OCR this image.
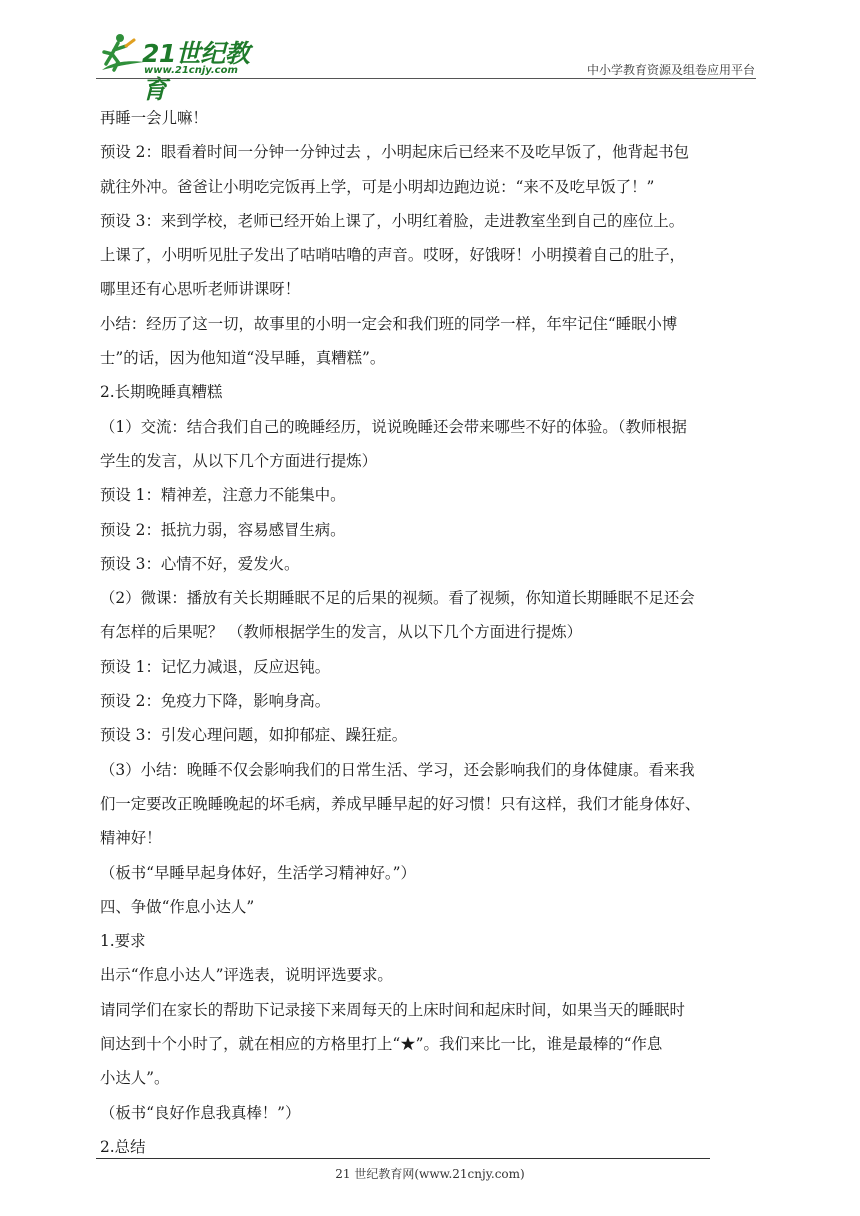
21世纪教育
www.21cnjy.com	中小学教育资源及组卷应用平台
再睡一会儿嘛！
预设 2：眼看着时间一分钟一分钟过去 ，小明起床后已经来不及吃早饭了，他背起书包
就往外冲。爸爸让小明吃完饭再上学，可是小明却边跑边说：“来不及吃早饭了！”
预设 3：来到学校，老师已经开始上课了，小明红着脸，走进教室坐到自己的座位上。
上课了，小明听见肚子发出了咕哨咕噜的声音。哎呀，好饿呀！小明摸着自己的肚子，
哪里还有心思听老师讲课呀！
小结：经历了这一切，故事里的小明一定会和我们班的同学一样，年牢记住“睡眠小博
士”的话，因为他知道“没早睡，真糟糕”。
2.长期晚睡真糟糕
（1）交流：结合我们自己的晚睡经历，说说晚睡还会带来哪些不好的体验。（教师根据
学生的发言，从以下几个方面进行提炼）
预设 1：精神差，注意力不能集中。
预设 2：抵抗力弱，容易感冒生病。
预设 3：心情不好，爱发火。
（2）微课：播放有关长期睡眠不足的后果的视频。看了视频，你知道长期睡眠不足还会
有怎样的后果呢？ （教师根据学生的发言，从以下几个方面进行提炼）
预设 1：记忆力减退，反应迟钝。
预设 2：免疫力下降，影响身高。
预设 3：引发心理问题，如抑郁症、躁狂症。
（3）小结：晚睡不仅会影响我们的日常生活、学习，还会影响我们的身体健康。看来我
们一定要改正晚睡晚起的坏毛病，养成早睡早起的好习惯！只有这样，我们才能身体好、
精神好！
（板书“早睡早起身体好，生活学习精神好。”）
四、争做“作息小达人”
1.要求
出示“作息小达人”评选表，说明评选要求。
请同学们在家长的帮助下记录接下来周每天的上床时间和起床时间，如果当天的睡眠时
间达到十个小时了，就在相应的方格里打上“★”。我们来比一比，谁是最棒的“作息
小达人”。
（板书“良好作息我真棒！”）
2.总结
21 世纪教育网(www.21cnjy.com)
